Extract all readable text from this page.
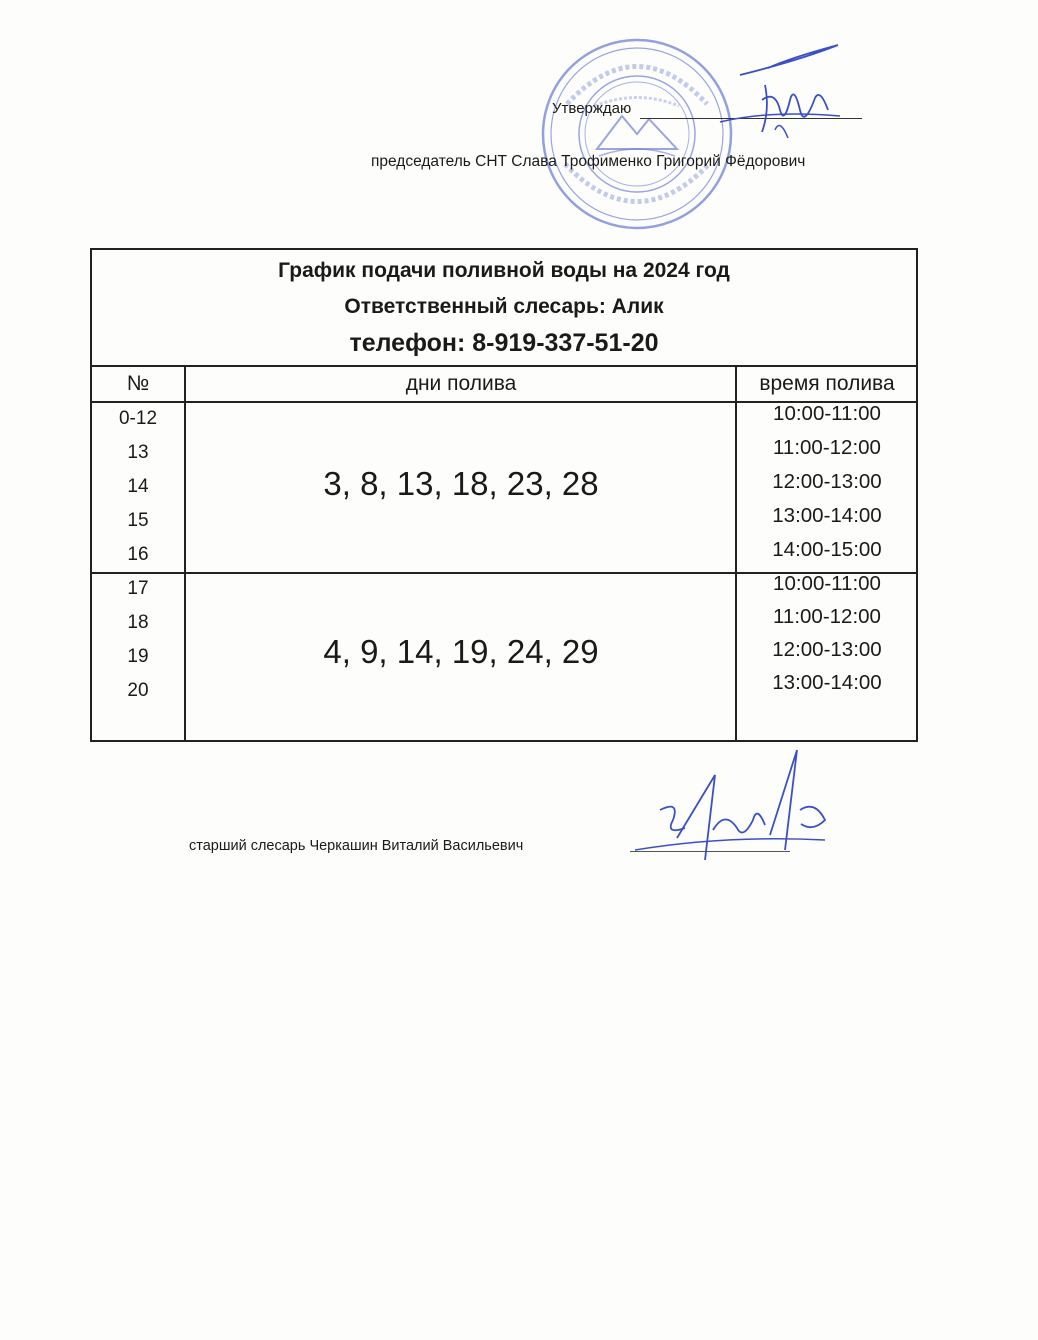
Утверждаю
председатель СНТ Слава Трофименко Григорий Фёдорович
График подачи поливной воды на 2024 год
Ответственный слесарь: Алик
телефон: 8-919-337-51-20
№	дни полива	время полива
0-12
13
14
15
16
3, 8, 13, 18, 23, 28
10:00-11:00
11:00-12:00
12:00-13:00
13:00-14:00
14:00-15:00
17
18
19
20
4, 9, 14, 19, 24, 29
10:00-11:00
11:00-12:00
12:00-13:00
13:00-14:00
старший слесарь Черкашин Виталий Васильевич
